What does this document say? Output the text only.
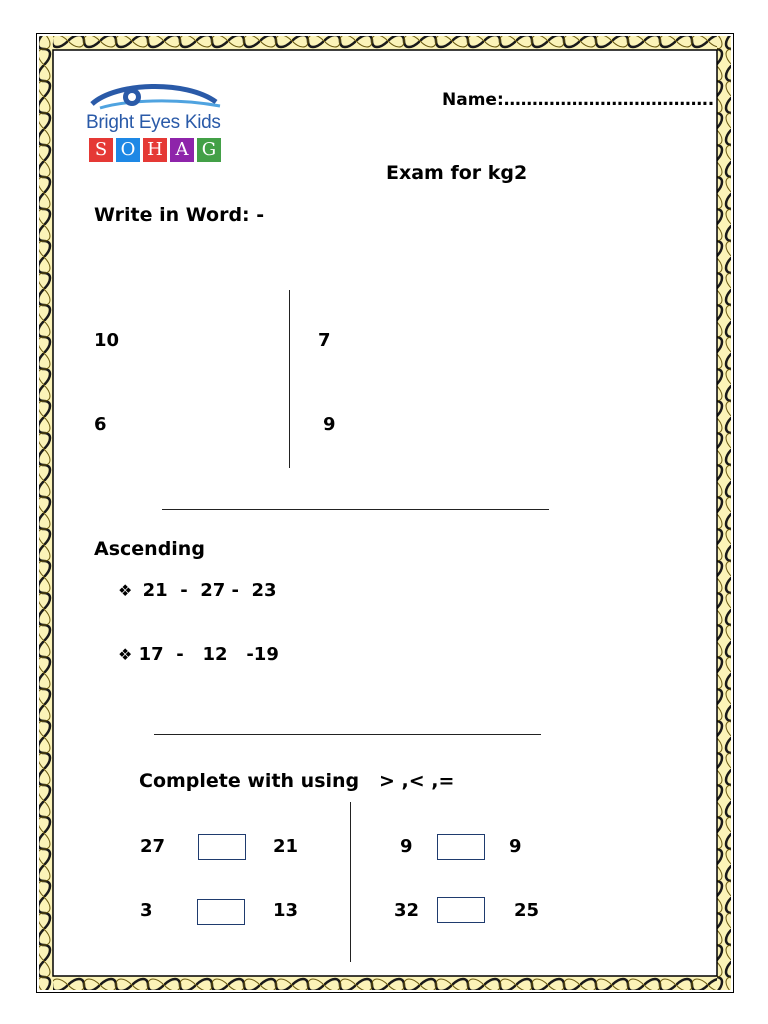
Bright Eyes Kids
S O H A G
Name:……………………………….
Exam for kg2
Write in Word: -
10	7
6	9
Ascending
❖ 21  -  27 -  23
❖ 17  -   12   -19
Complete with using   > ,< ,=
27	21	9	9
3	13	32	25
